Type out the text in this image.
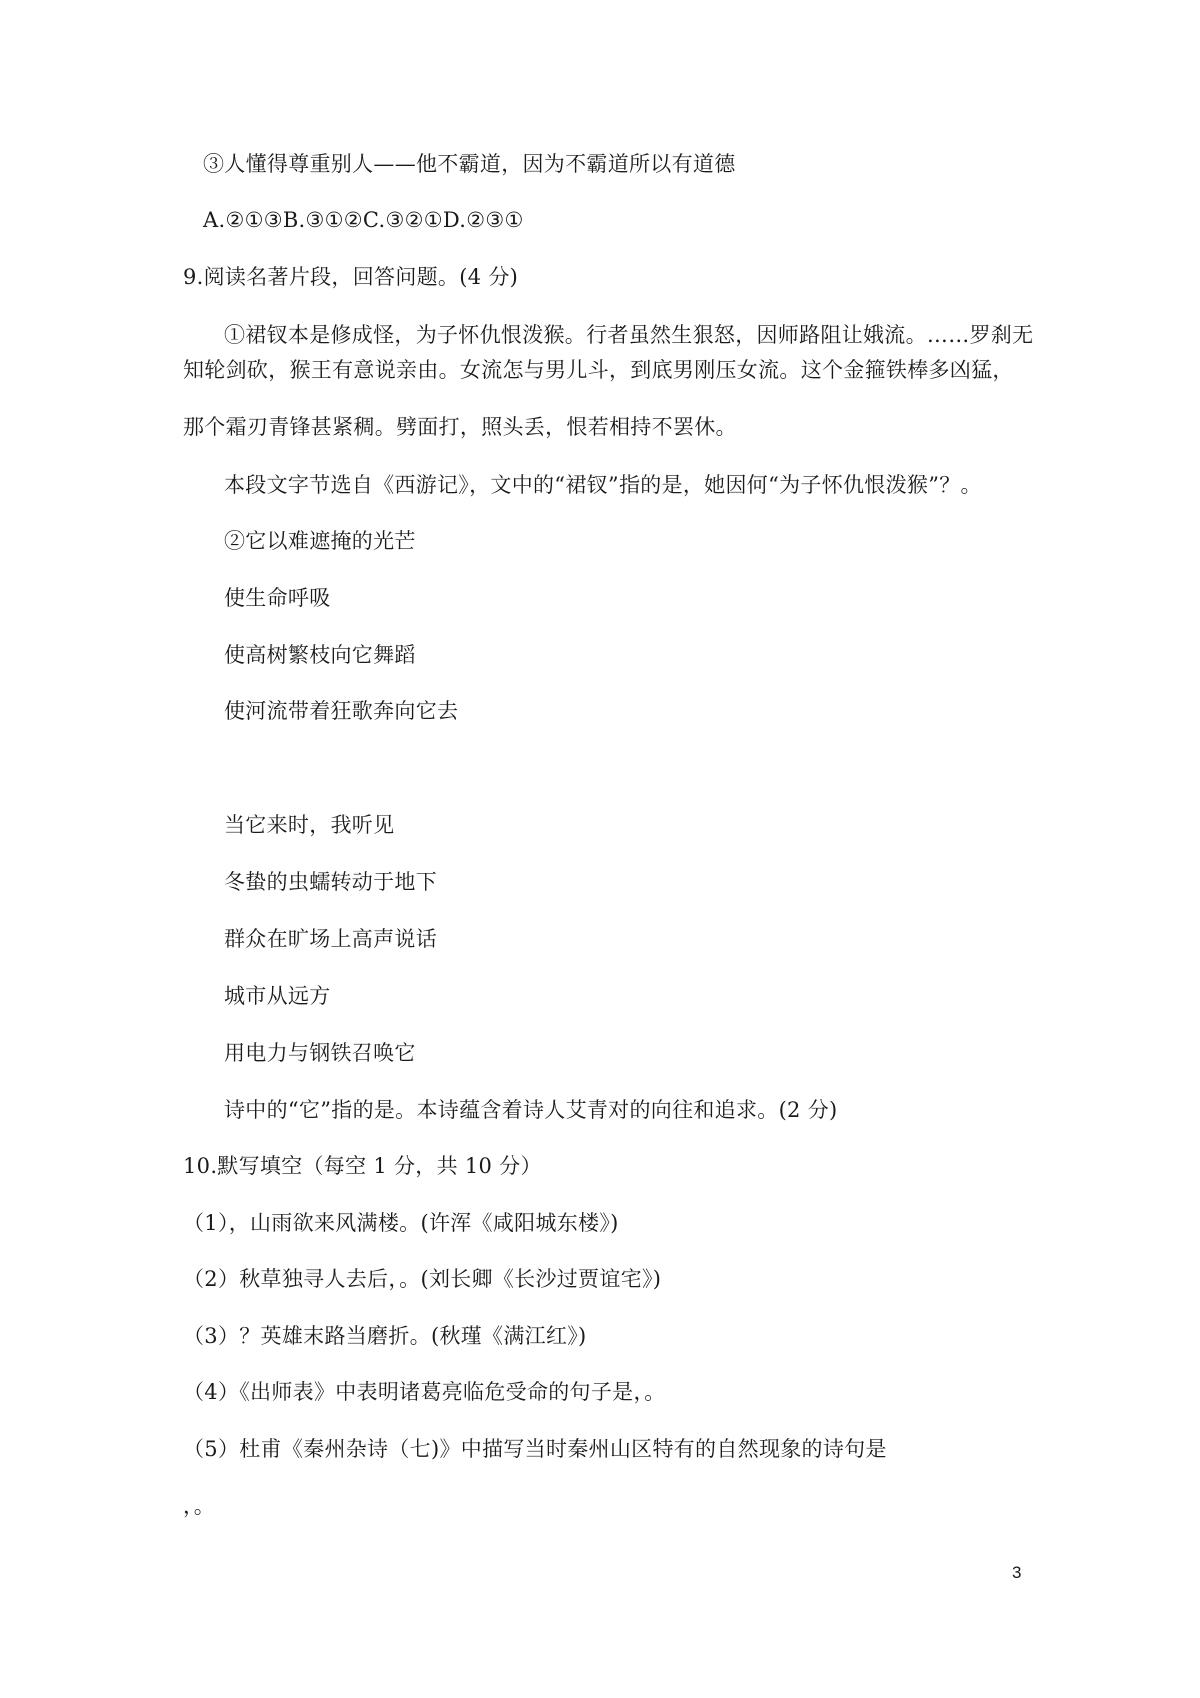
③人懂得尊重别人——他不霸道，因为不霸道所以有道德
A.②①③B.③①②C.③②①D.②③①
9.阅读名著片段，回答问题。(4 分)
①裙钗本是修成怪，为子怀仇恨泼猴。行者虽然生狠怒，因师路阻让娥流。……罗刹无
知轮剑砍，猴王有意说亲由。女流怎与男儿斗，到底男刚压女流。这个金箍铁棒多凶猛，
那个霜刃青锋甚紧稠。劈面打，照头丢，恨若相持不罢休。
本段文字节选自《西游记》，文中的“裙钗”指的是，她因何“为子怀仇恨泼猴”？。
②它以难遮掩的光芒
使生命呼吸
使高树繁枝向它舞蹈
使河流带着狂歌奔向它去
当它来时，我听见
冬蛰的虫蠕转动于地下
群众在旷场上高声说话
城市从远方
用电力与钢铁召唤它
诗中的“它”指的是。本诗蕴含着诗人艾青对的向往和追求。(2 分)
10.默写填空（每空 1 分，共 10 分）
（1），山雨欲来风满楼。(许浑《咸阳城东楼》)
（2）秋草独寻人去后，。(刘长卿《长沙过贾谊宅》)
（3）？英雄末路当磨折。(秋瑾《满江红》)
（4）《出师表》中表明诸葛亮临危受命的句子是，。
（5）杜甫《秦州杂诗（七)》中描写当时秦州山区特有的自然现象的诗句是
，。
3
